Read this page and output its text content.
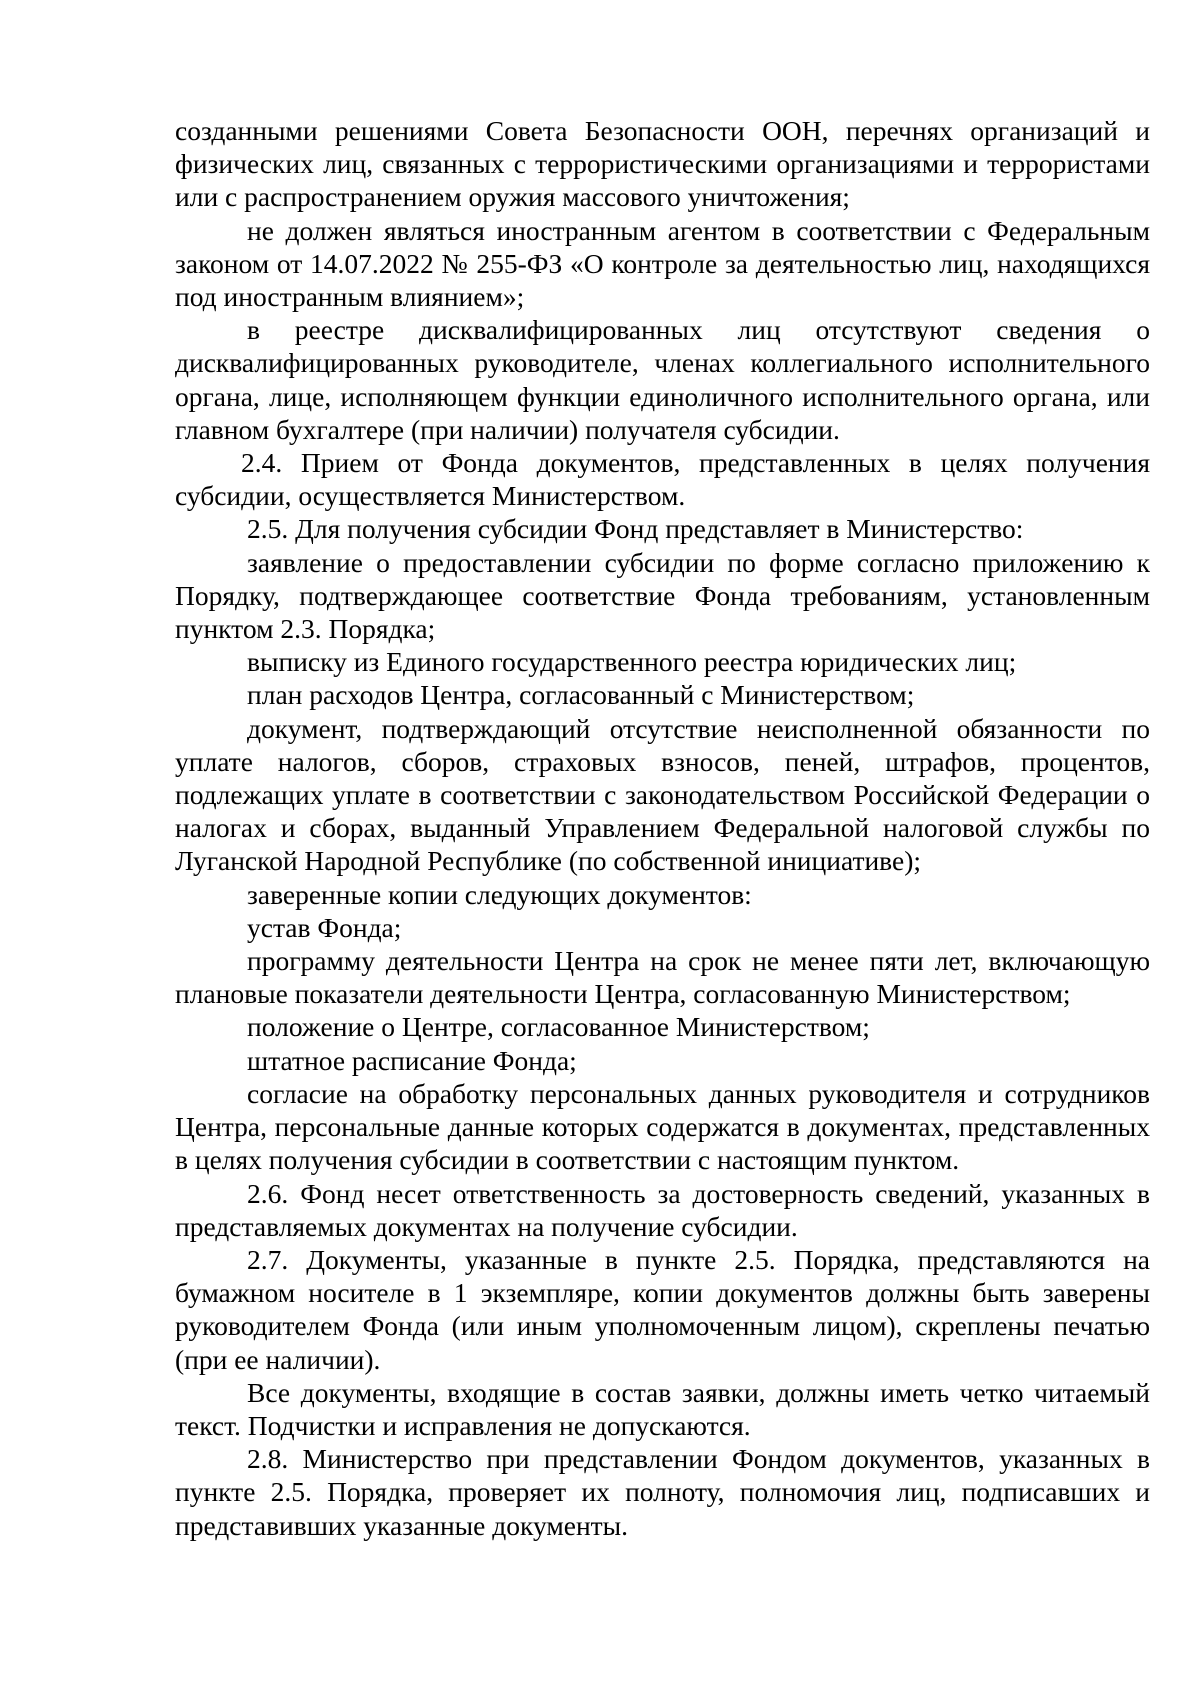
созданными решениями Совета Безопасности ООН, перечнях организаций и физических лиц, связанных с террористическими организациями и террористами или с распространением оружия массового уничтожения;

не должен являться иностранным агентом в соответствии с Федеральным законом от 14.07.2022 № 255-ФЗ «О контроле за деятельностью лиц, находящихся под иностранным влиянием»;

в реестре дисквалифицированных лиц отсутствуют сведения о дисквалифицированных руководителе, членах коллегиального исполнительного органа, лице, исполняющем функции единоличного исполнительного органа, или главном бухгалтере (при наличии) получателя субсидии.

2.4. Прием от Фонда документов, представленных в целях получения субсидии, осуществляется Министерством.

2.5. Для получения субсидии Фонд представляет в Министерство:

заявление о предоставлении субсидии по форме согласно приложению к Порядку, подтверждающее соответствие Фонда требованиям, установленным пунктом 2.3. Порядка;

выписку из Единого государственного реестра юридических лиц;

план расходов Центра, согласованный с Министерством;

документ, подтверждающий отсутствие неисполненной обязанности по уплате налогов, сборов, страховых взносов, пеней, штрафов, процентов, подлежащих уплате в соответствии с законодательством Российской Федерации о налогах и сборах, выданный Управлением Федеральной налоговой службы по Луганской Народной Республике (по собственной инициативе);

заверенные копии следующих документов:

устав Фонда;

программу деятельности Центра на срок не менее пяти лет, включающую плановые показатели деятельности Центра, согласованную Министерством;

положение о Центре, согласованное Министерством;

штатное расписание Фонда;

согласие на обработку персональных данных руководителя и сотрудников Центра, персональные данные которых содержатся в документах, представленных в целях получения субсидии в соответствии с настоящим пунктом.

2.6. Фонд несет ответственность за достоверность сведений, указанных в представляемых документах на получение субсидии.

2.7. Документы, указанные в пункте 2.5. Порядка, представляются на бумажном носителе в 1 экземпляре, копии документов должны быть заверены руководителем Фонда (или иным уполномоченным лицом), скреплены печатью (при ее наличии).

Все документы, входящие в состав заявки, должны иметь четко читаемый текст. Подчистки и исправления не допускаются.

2.8. Министерство при представлении Фондом документов, указанных в пункте 2.5. Порядка, проверяет их полноту, полномочия лиц, подписавших и представивших указанные документы.
